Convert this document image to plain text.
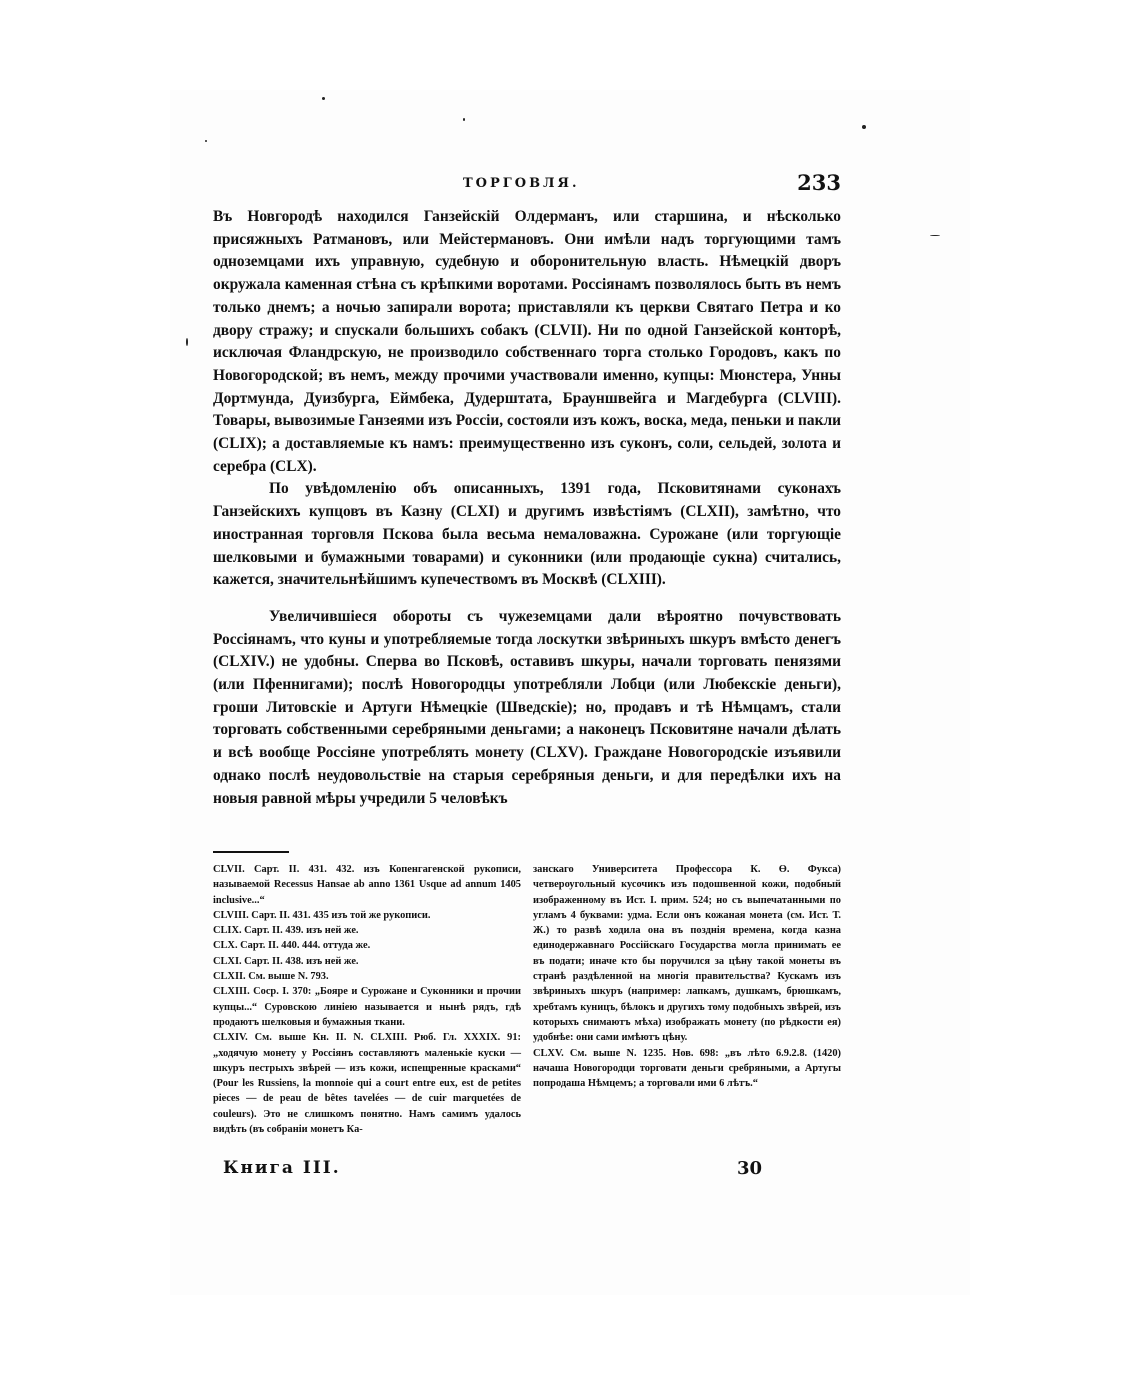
ТОРГОВЛЯ.	233

Въ Новгородѣ находился Ганзейскій Олдерманъ, или старшина, и нѣсколько присяжныхъ Ратмановъ, или Мейстермановъ. Они имѣли надъ торгующими тамъ одноземцами ихъ управную, судебную и оборонительную власть. Нѣмецкій дворъ окружала каменная стѣна съ крѣпкими воротами. Россіянамъ позволялось быть въ немъ только днемъ; а ночью запирали ворота; приставляли къ церкви Святаго Петра и ко двору стражу; и спускали большихъ собакъ (CLVII). Ни по одной Ганзейской конторѣ, исключая Фландрскую, не производило собственнаго торга столько Городовъ, какъ по Новогородской; въ немъ, между прочими участвовали именно, купцы: Мюнстера, Унны Дортмунда, Дуизбурга, Еймбека, Дудерштата, Брауншвейга и Магдебурга (CLVIII). Товары, вывозимые Ганзеями изъ Россіи, состояли изъ кожъ, воска, меда, пеньки и пакли (CLIX); а доставляемые къ намъ: преимущественно изъ суконъ, соли, сельдей, золота и серебра (CLX).

По увѣдомленію объ описанныхъ, 1391 года, Псковитянами суконахъ Ганзейскихъ купцовъ въ Казну (CLXI) и другимъ извѣстіямъ (CLXII), замѣтно, что иностранная торговля Пскова была весьма немаловажна. Сурожане (или торгующіе шелковыми и бумажными товарами) и суконники (или продающіе сукна) считались, кажется, значительнѣйшимъ купечествомъ въ Москвѣ (CLXIII).

Увеличившіеся обороты съ чужеземцами дали вѣроятно почувствовать Россіянамъ, что куны и употребляемые тогда лоскутки звѣриныхъ шкуръ вмѣсто денегъ (CLXIV.) не удобны. Сперва во Псковѣ, оставивъ шкуры, начали торговать пенязями (или Пфеннигами); послѣ Новогородцы употребляли Лобци (или Любекскіе деньги), гроши Литовскіе и Артуги Нѣмецкіе (Шведскіе); но, продавъ и тѣ Нѣмцамъ, стали торговать собственными серебряными деньгами; а наконецъ Псковитяне начали дѣлать и всѣ вообще Россіяне употреблять монету (CLXV). Граждане Новогородскіе изъявили однако послѣ неудовольствіе на старыя серебряныя деньги, и для передѣлки ихъ на новыя равной мѣры учредили 5 человѣкъ

CLVII. Сарт. II. 431. 432. изъ Копенгагенской рукописи, называемой Recessus Hansae ab anno 1361 Usque ad annum 1405 inclusive...“

CLVIII. Сарт. II. 431. 435 изъ той же рукописи.

CLIX. Сарт. II. 439. изъ ней же.

CLX. Сарт. II. 440. 444. оттуда же.

CLXI. Сарт. II. 438. изъ ней же.

CLXII. См. выше N. 793.

CLXIII. Соср. I. 370: „Бояре и Сурожане и Суконники и прочии купцы...“ Суровскою линіею называется и нынѣ рядъ, гдѣ продаютъ шелковыя и бумажныя ткани.

CLXIV. См. выше Кн. II. N. CLXIII. Рюб. Гл. XXXIX. 91: „ходячую монету у Россіянъ составляютъ маленькіе куски — шкуръ пестрыхъ звѣрей — изъ кожи, испещренные красками“ (Pour les Russiens, la monnoie qui a court entre eux, est de petites pieces — de peau de bêtes tavelées — de cuir marquetées de couleurs). Это не слишкомъ понятно. Намъ самимъ удалось видѣть (въ собраніи монетъ Ка-

занскаго Университета Профессора К. Ө. Фукса) четвероугольный кусочикъ изъ подошвенной кожи, подобный изображенному въ Ист. I. прим. 524; но съ выпечатанными по угламъ 4 буквами: удма. Если онъ кожаная монета (см. Ист. Т. Ж.) то развѣ ходила она въ позднія времена, когда казна единодержавнаго Россійскаго Государства могла принимать ее въ подати; иначе кто бы поручился за цѣну такой монеты въ странѣ раздѣленной на многія правительства? Кускамъ изъ звѣриныхъ шкуръ (например: лапкамъ, душкамъ, брюшкамъ, хребтамъ куницъ, бѣлокъ и другихъ тому подобныхъ звѣрей, изъ которыхъ снимаютъ мѣха) изображать монету (по рѣдкости ея) удобнѣе: они сами имѣютъ цѣну.

CLXV. См. выше N. 1235. Нов. 698: „въ лѣто 6.9.2.8. (1420) начаша Новогородци торговати деньги сребряными, а Артугы попродаша Нѣмцемъ; а торговали ими 6 лѣтъ.“

Книга III.	30
